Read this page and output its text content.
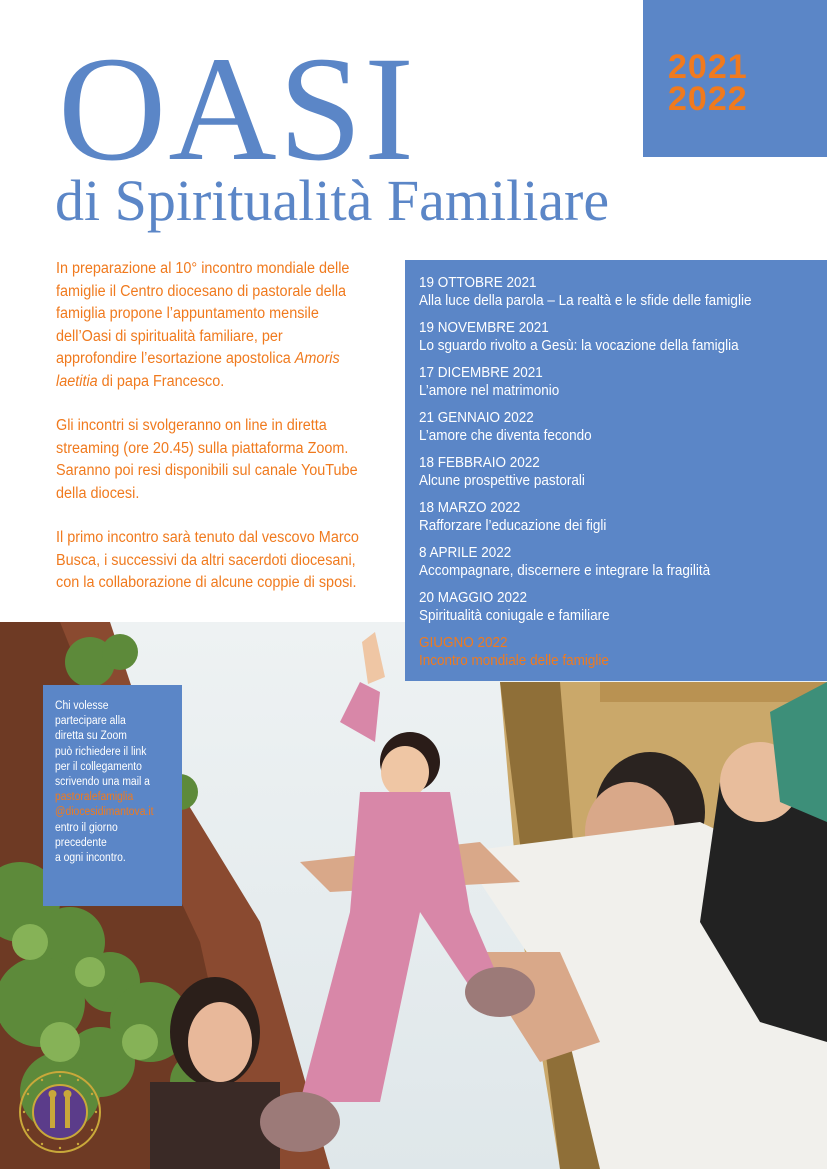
OASI
di Spiritualità Familiare
2021
2022

In preparazione al 10° incontro mondiale delle famiglie il Centro diocesano di pastorale della famiglia propone l’appuntamento mensile dell’Oasi di spiritualità familiare, per approfondire l’esortazione apostolica Amoris laetitia di papa Francesco.

Gli incontri si svolgeranno on line in diretta streaming (ore 20.45) sulla piattaforma Zoom. Saranno poi resi disponibili sul canale YouTube della diocesi.

Il primo incontro sarà tenuto dal vescovo Marco Busca, i successivi da altri sacerdoti diocesani, con la collaborazione di alcune coppie di sposi.

19 OTTOBRE 2021
Alla luce della parola – La realtà e le sfide delle famiglie
19 NOVEMBRE 2021
Lo sguardo rivolto a Gesù: la vocazione della famiglia
17 DICEMBRE 2021
L’amore nel matrimonio
21 GENNAIO 2022
L’amore che diventa fecondo
18 FEBBRAIO 2022
Alcune prospettive pastorali
18 MARZO 2022
Rafforzare l’educazione dei figli
8 APRILE 2022
Accompagnare, discernere e integrare la fragilità
20 MAGGIO 2022
Spiritualità coniugale e familiare
GIUGNO 2022
Incontro mondiale delle famiglie
Chi volesse
partecipare alla
diretta su Zoom
può richiedere il link
per il collegamento
scrivendo una mail a
pastoralefamiglia
@diocesidimantova.it
entro il giorno
precedente
a ogni incontro.
